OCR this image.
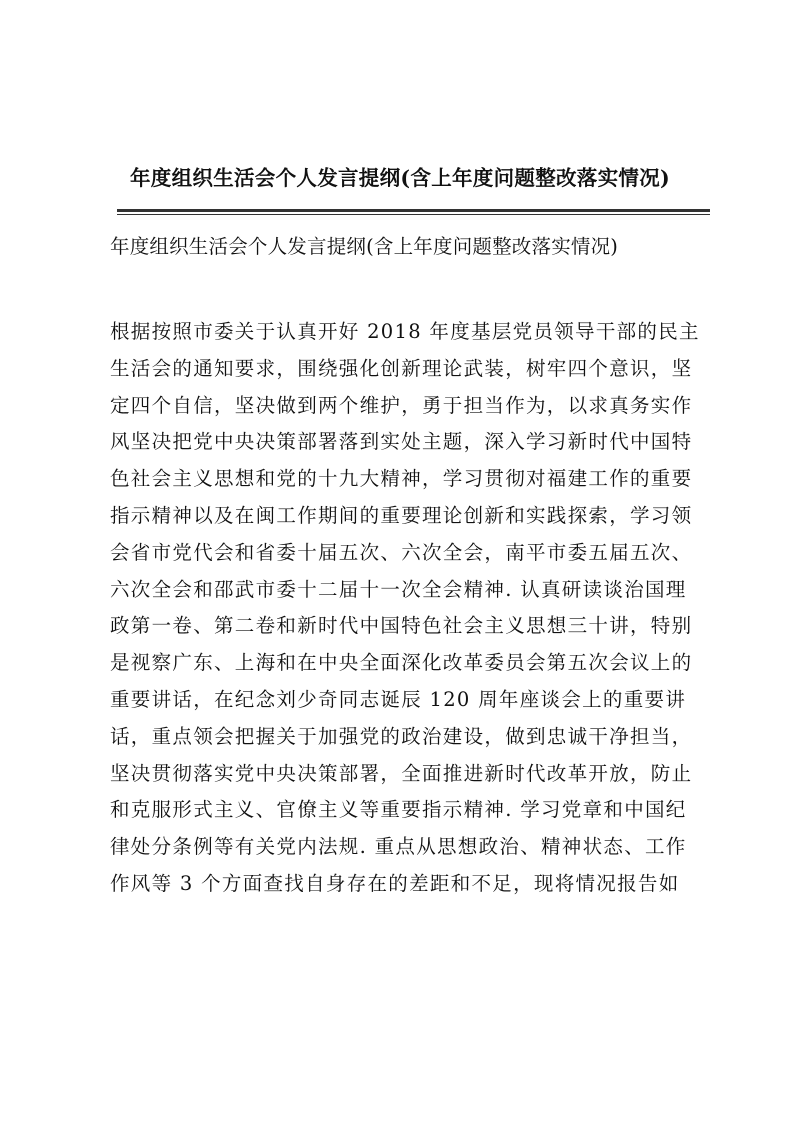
年度组织生活会个人发言提纲(含上年度问题整改落实情况)
年度组织生活会个人发言提纲(含上年度问题整改落实情况)
根据按照市委关于认真开好 2018 年度基层党员领导干部的民主
生活会的通知要求，围绕强化创新理论武装，树牢四个意识，坚
定四个自信，坚决做到两个维护，勇于担当作为，以求真务实作
风坚决把党中央决策部署落到实处主题，深入学习新时代中国特
色社会主义思想和党的十九大精神，学习贯彻对福建工作的重要
指示精神以及在闽工作期间的重要理论创新和实践探索，学习领
会省市党代会和省委十届五次、六次全会，南平市委五届五次、
六次全会和邵武市委十二届十一次全会精神. 认真研读谈治国理
政第一卷、第二卷和新时代中国特色社会主义思想三十讲，特别
是视察广东、上海和在中央全面深化改革委员会第五次会议上的
重要讲话，在纪念刘少奇同志诞辰 120 周年座谈会上的重要讲
话，重点领会把握关于加强党的政治建设，做到忠诚干净担当，
坚决贯彻落实党中央决策部署，全面推进新时代改革开放，防止
和克服形式主义、官僚主义等重要指示精神. 学习党章和中国纪
律处分条例等有关党内法规. 重点从思想政治、精神状态、工作
作风等 3 个方面查找自身存在的差距和不足，现将情况报告如
